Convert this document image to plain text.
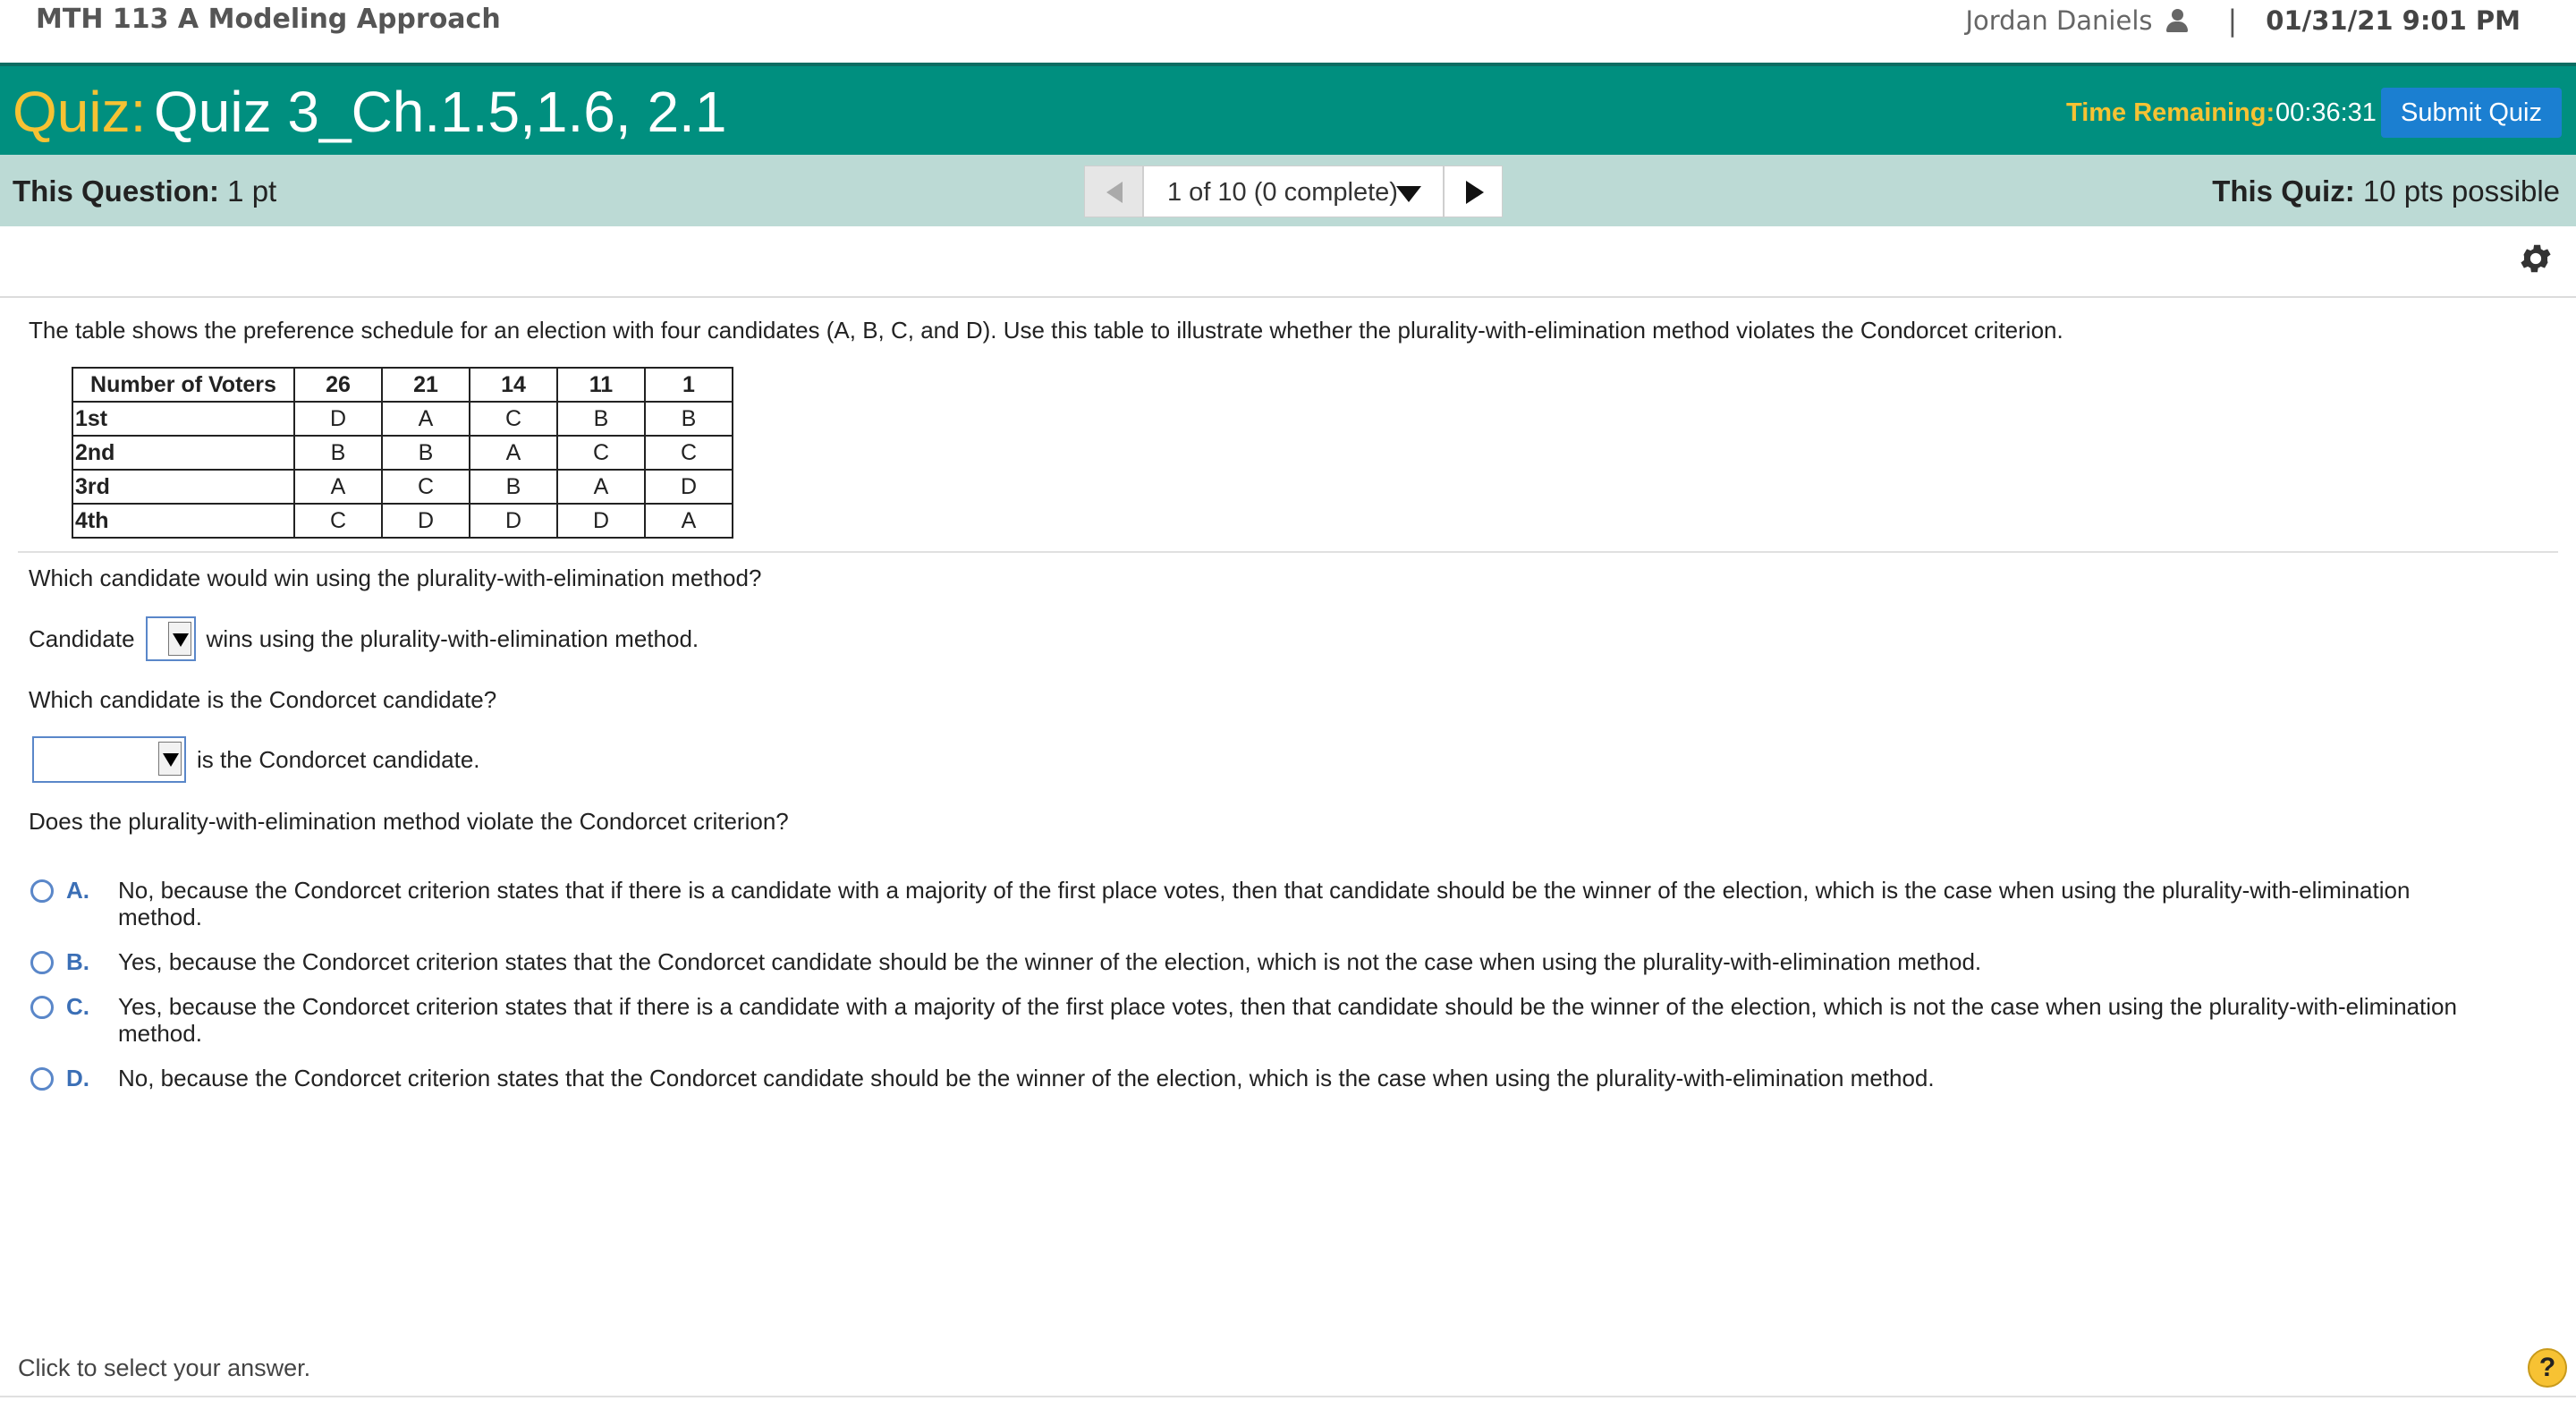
MTH 113 A Modeling Approach	Jordan Daniels	| 01/31/21 9:01 PM
Quiz: Quiz 3_Ch.1.5,1.6, 2.1	Time Remaining: 00:36:31 Submit Quiz
This Question: 1 pt	1 of 10 (0 complete)	This Quiz: 10 pts possible
The table shows the preference schedule for an election with four candidates (A, B, C, and D). Use this table to illustrate whether the plurality-with-elimination method violates the Condorcet criterion.
Number of Voters	26	21	14	11	1
1st	D	A	C	B	B
2nd	B	B	A	C	C
3rd	A	C	B	A	D
4th	C	D	D	D	A
Which candidate would win using the plurality-with-elimination method?
Candidate	wins using the plurality-with-elimination method.
Which candidate is the Condorcet candidate?
is the Condorcet candidate.
Does the plurality-with-elimination method violate the Condorcet criterion?
A.	No, because the Condorcet criterion states that if there is a candidate with a majority of the first place votes, then that candidate should be the winner of the election, which is the case when using the plurality-with-elimination method.
B.	Yes, because the Condorcet criterion states that the Condorcet candidate should be the winner of the election, which is not the case when using the plurality-with-elimination method.
C.	Yes, because the Condorcet criterion states that if there is a candidate with a majority of the first place votes, then that candidate should be the winner of the election, which is not the case when using the plurality-with-elimination method.
D.	No, because the Condorcet criterion states that the Condorcet candidate should be the winner of the election, which is the case when using the plurality-with-elimination method.
Click to select your answer.	?
